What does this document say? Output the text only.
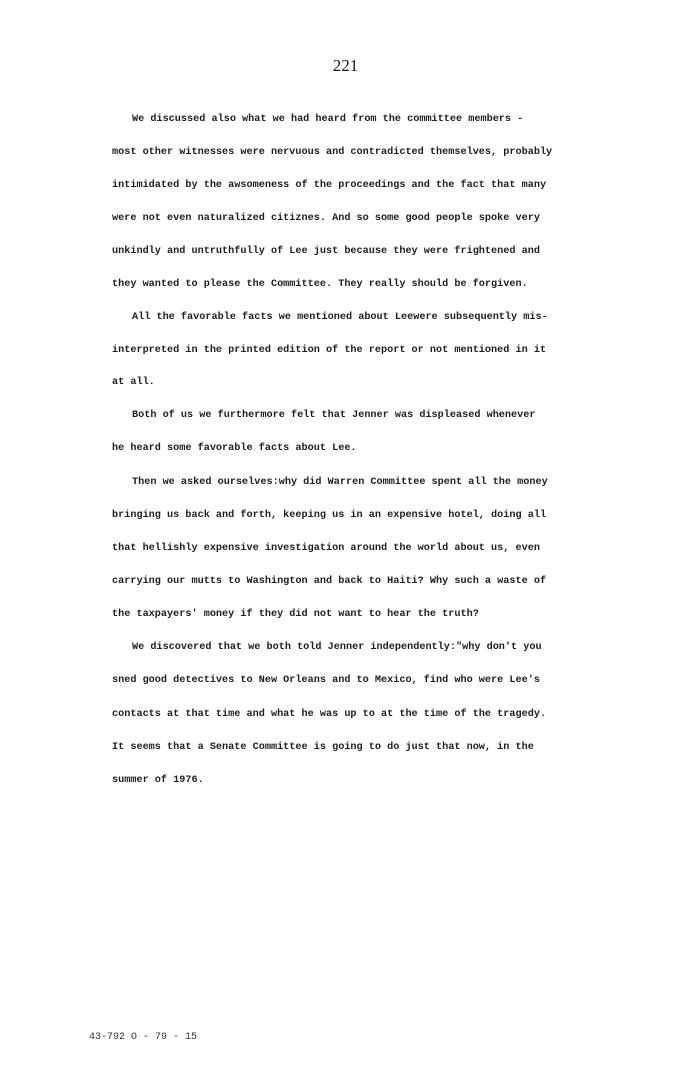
221
We discussed also what we had heard from the committee members -
most other witnesses were nervuous and contradicted themselves, probably
intimidated by the awsomeness of the proceedings and the fact that many
were not even naturalized citiznes. And so some good people spoke very
unkindly and untruthfully of Lee just because they were frightened and
they wanted to please the Committee. They really should be forgiven.
All the favorable facts we mentioned about Leewere subsequently mis-
interpreted in the printed edition of the report or not mentioned in it
at all.
Both of us we furthermore felt that Jenner was displeased whenever
he heard some favorable facts about Lee.
Then we asked ourselves:why did Warren Committee spent all the money
bringing us back and forth, keeping us in an expensive hotel, doing all
that hellishly expensive investigation around the world about us, even
carrying our mutts to Washington and back to Haiti? Why such a waste of
the taxpayers' money if they did not want to hear the truth?
We discovered that we both told Jenner independently:"why don't you
sned good detectives to New Orleans and to Mexico, find who were Lee's
contacts at that time and what he was up to at the time of the tragedy.
It seems that a Senate Committee is going to do just that now, in the
summer of 1976.
43-792 O - 79 - 15
